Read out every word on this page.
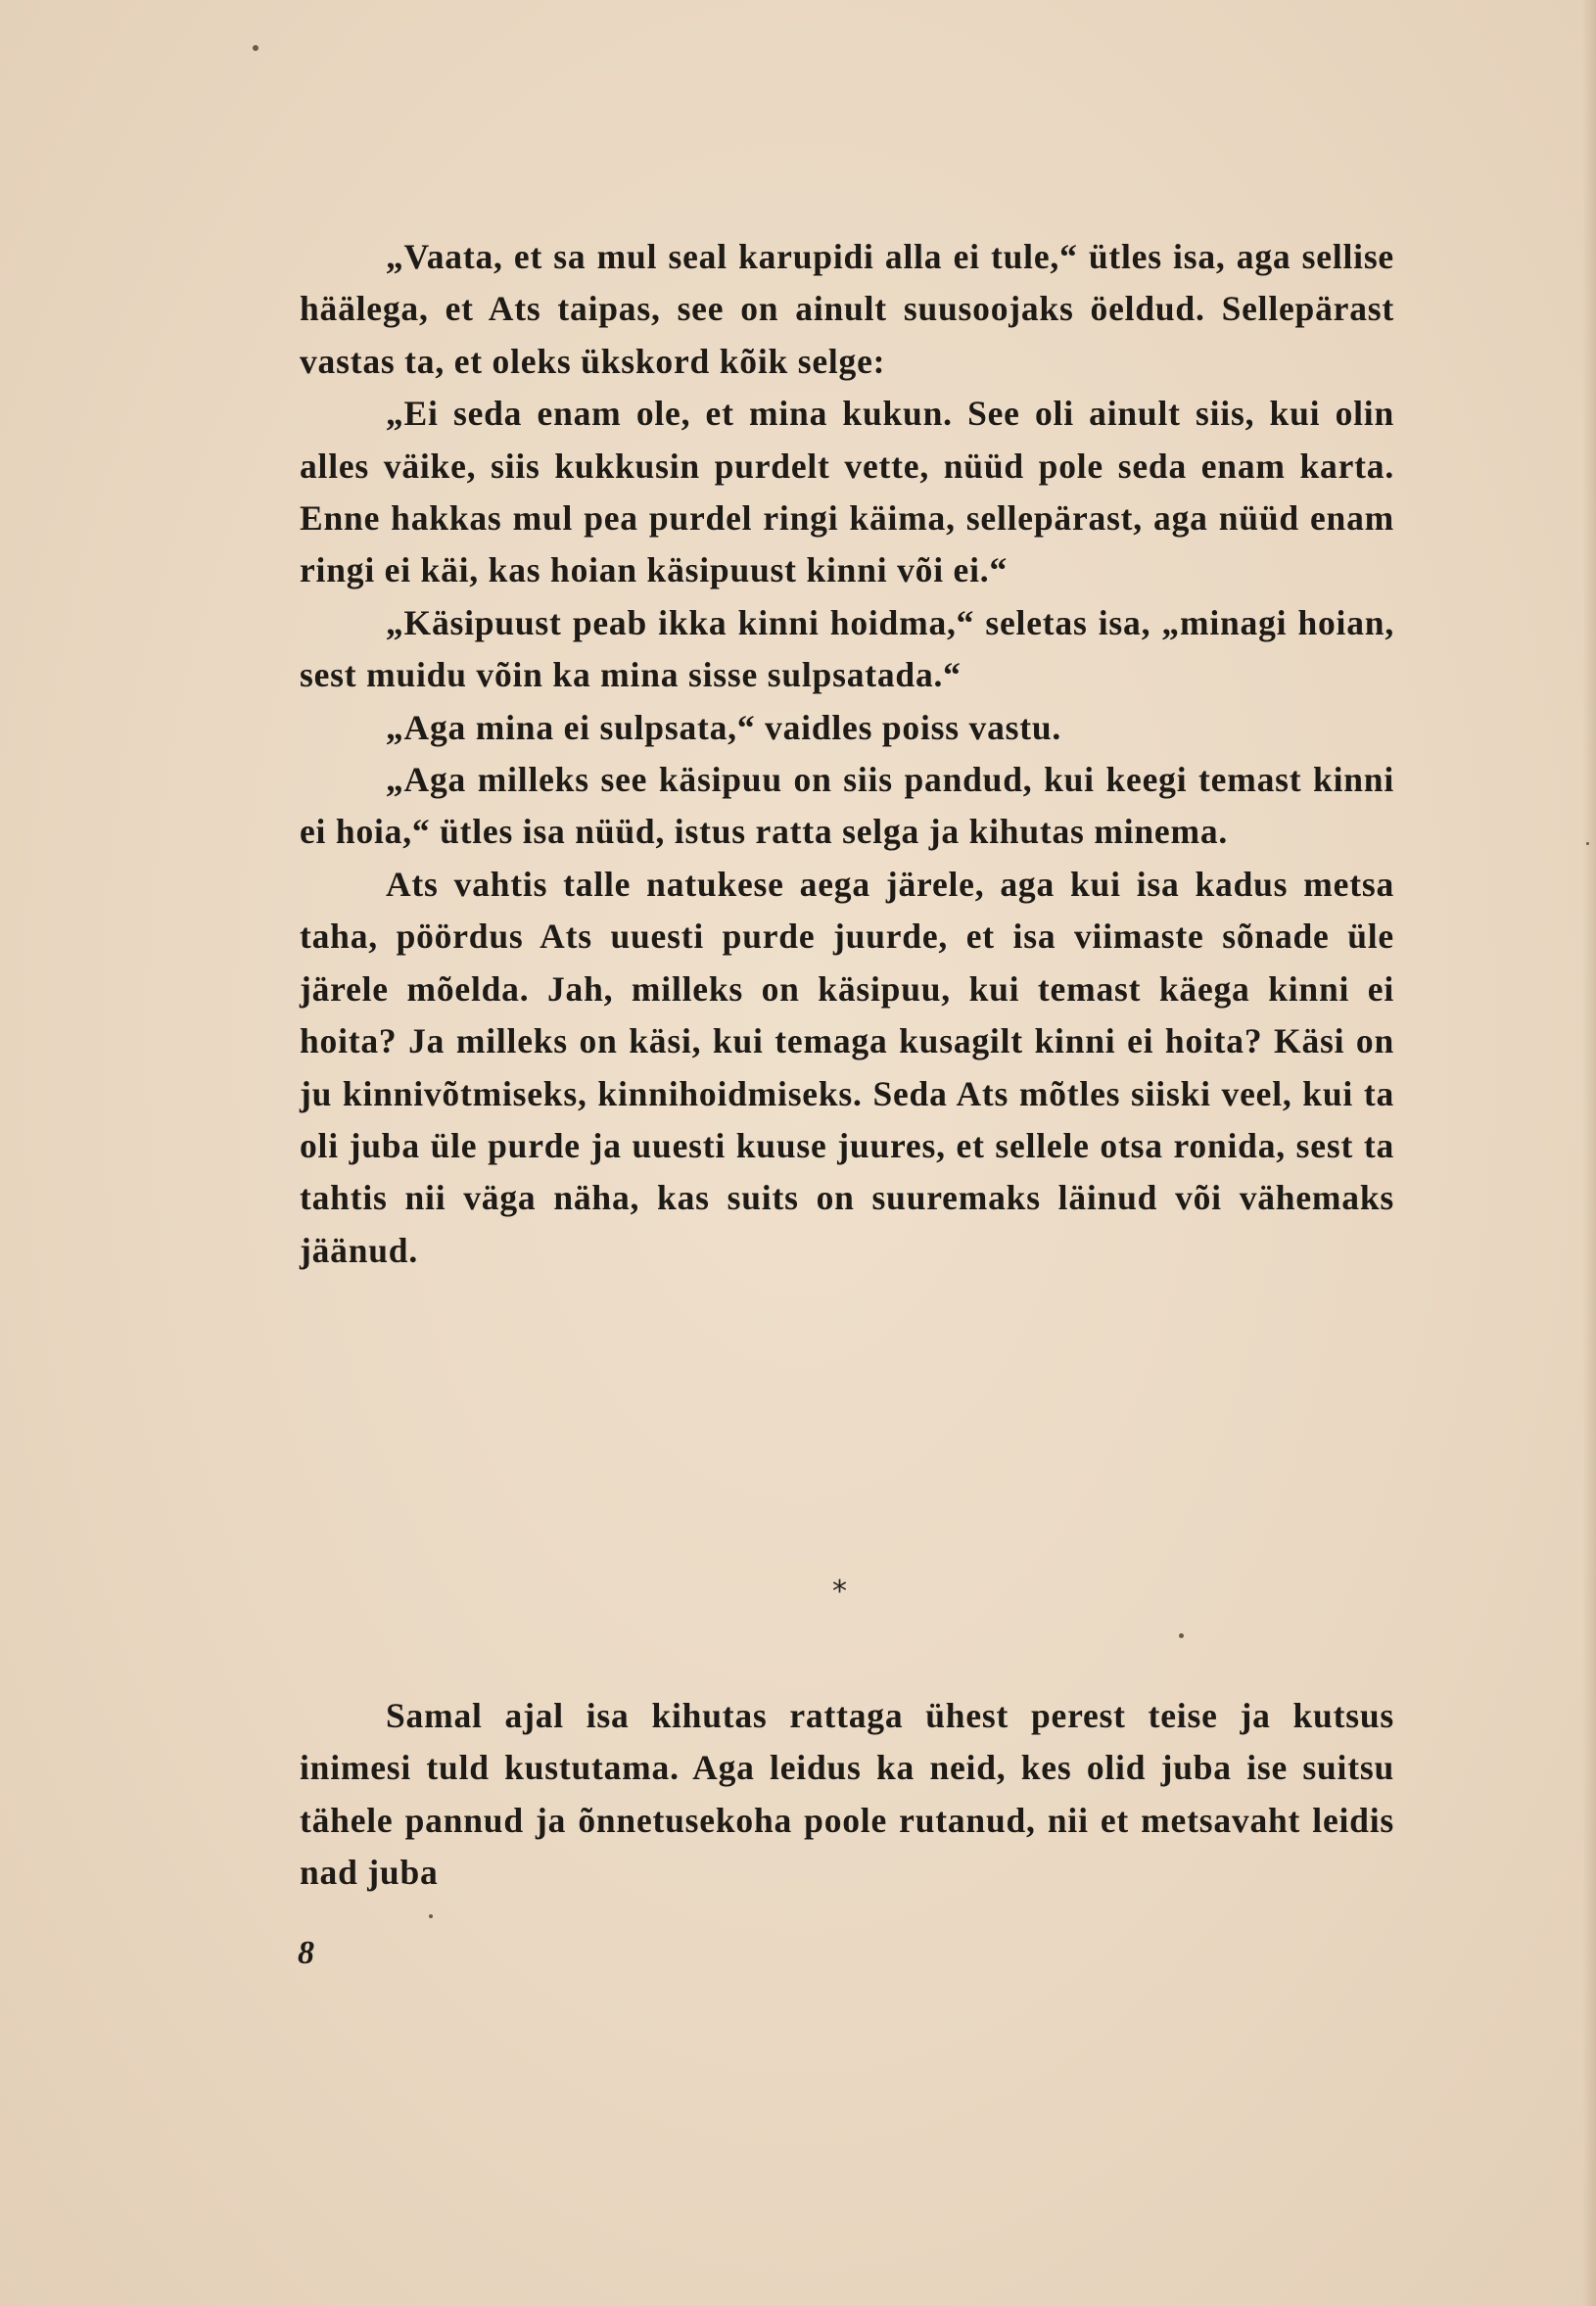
„Vaata, et sa mul seal karupidi alla ei tule,“ ütles isa, aga sellise häälega, et Ats taipas, see on ainult suusoojaks öeldud. Sellepärast vastas ta, et oleks ükskord kõik selge:

„Ei seda enam ole, et mina kukun. See oli ainult siis, kui olin alles väike, siis kukkusin purdelt vette, nüüd pole seda enam karta. Enne hakkas mul pea purdel ringi käima, sellepärast, aga nüüd enam ringi ei käi, kas hoian käsipuust kinni või ei.“

„Käsipuust peab ikka kinni hoidma,“ seletas isa, „minagi hoian, sest muidu võin ka mina sisse sulpsatada.“

„Aga mina ei sulpsata,“ vaidles poiss vastu.

„Aga milleks see käsipuu on siis pandud, kui keegi temast kinni ei hoia,“ ütles isa nüüd, istus ratta selga ja kihutas minema.

Ats vahtis talle natukese aega järele, aga kui isa kadus metsa taha, pöördus Ats uuesti purde juurde, et isa viimaste sõnade üle järele mõelda. Jah, milleks on käsipuu, kui temast käega kinni ei hoita? Ja milleks on käsi, kui temaga kusagilt kinni ei hoita? Käsi on ju kinnivõtmiseks, kinnihoidmiseks. Seda Ats mõtles siiski veel, kui ta oli juba üle purde ja uuesti kuuse juures, et sellele otsa ronida, sest ta tahtis nii väga näha, kas suits on suuremaks läinud või vähemaks jäänud.

*

Samal ajal isa kihutas rattaga ühest perest teise ja kutsus inimesi tuld kustutama. Aga leidus ka neid, kes olid juba ise suitsu tähele pannud ja õnnetusekoha poole rutanud, nii et metsavaht leidis nad juba

8
